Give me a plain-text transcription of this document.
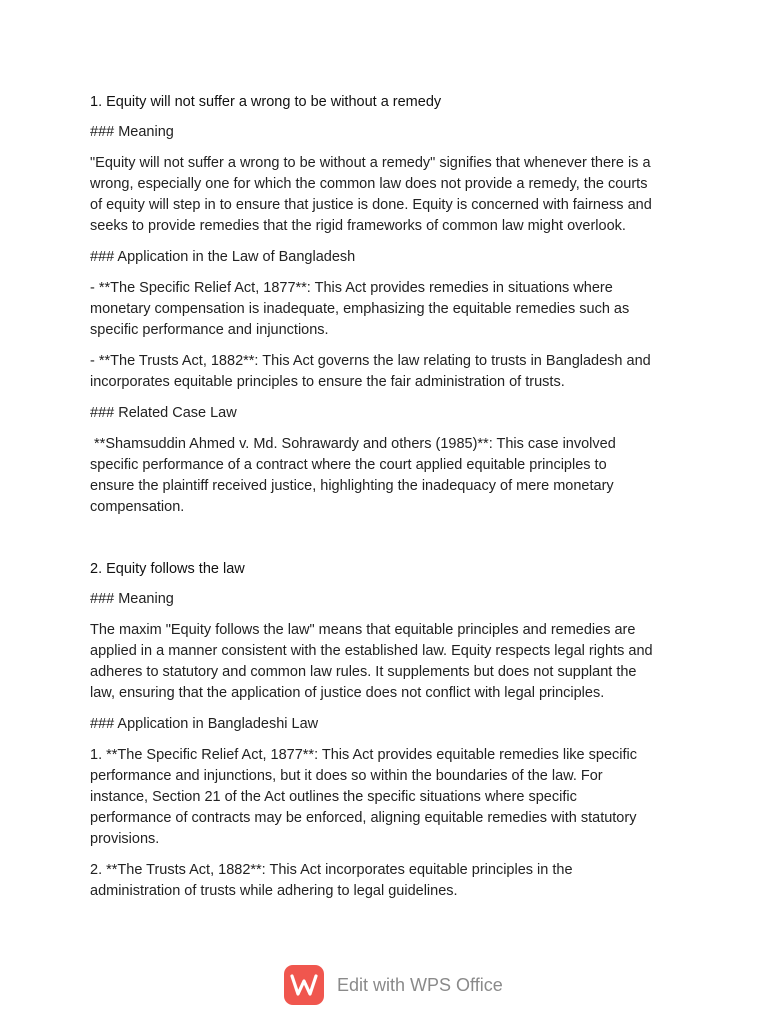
1. Equity will not suffer a wrong to be without a remedy
### Meaning
"Equity will not suffer a wrong to be without a remedy" signifies that whenever there is a
wrong, especially one for which the common law does not provide a remedy, the courts
of equity will step in to ensure that justice is done. Equity is concerned with fairness and
seeks to provide remedies that the rigid frameworks of common law might overlook.
### Application in the Law of Bangladesh
- **The Specific Relief Act, 1877**: This Act provides remedies in situations where
monetary compensation is inadequate, emphasizing the equitable remedies such as
specific performance and injunctions.
- **The Trusts Act, 1882**: This Act governs the law relating to trusts in Bangladesh and
incorporates equitable principles to ensure the fair administration of trusts.
### Related Case Law
**Shamsuddin Ahmed v. Md. Sohrawardy and others (1985)**: This case involved
specific performance of a contract where the court applied equitable principles to
ensure the plaintiff received justice, highlighting the inadequacy of mere monetary
compensation.
2. Equity follows the law
### Meaning
The maxim "Equity follows the law" means that equitable principles and remedies are
applied in a manner consistent with the established law. Equity respects legal rights and
adheres to statutory and common law rules. It supplements but does not supplant the
law, ensuring that the application of justice does not conflict with legal principles.
### Application in Bangladeshi Law
1. **The Specific Relief Act, 1877**: This Act provides equitable remedies like specific
performance and injunctions, but it does so within the boundaries of the law. For
instance, Section 21 of the Act outlines the specific situations where specific
performance of contracts may be enforced, aligning equitable remedies with statutory
provisions.
2. **The Trusts Act, 1882**: This Act incorporates equitable principles in the
administration of trusts while adhering to legal guidelines.
Edit with WPS Office
